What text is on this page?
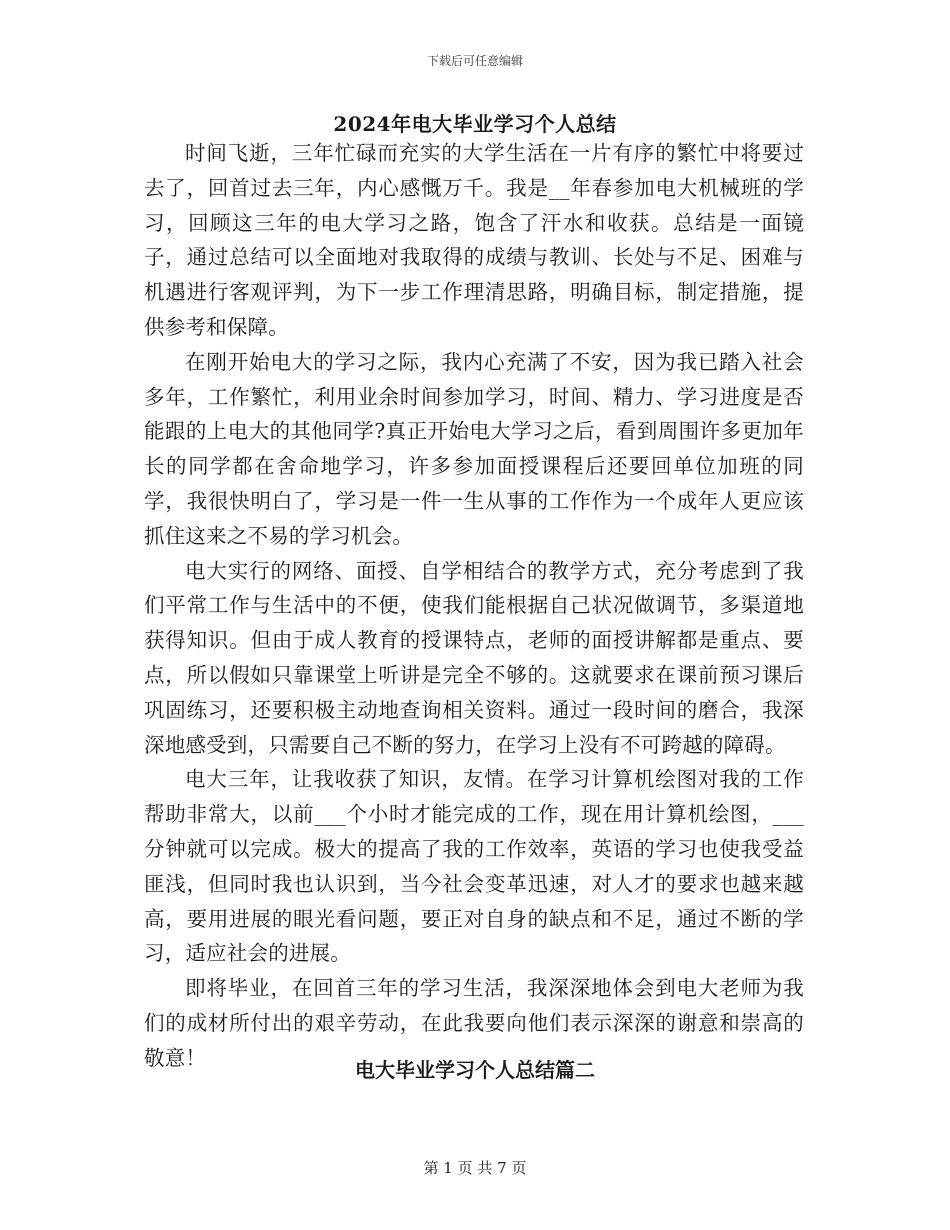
下载后可任意编辑
2024年电大毕业学习个人总结

时间飞逝，三年忙碌而充实的大学生活在一片有序的繁忙中将要过去了，回首过去三年，内心感慨万千。我是__年春参加电大机械班的学习，回顾这三年的电大学习之路，饱含了汗水和收获。总结是一面镜子，通过总结可以全面地对我取得的成绩与教训、长处与不足、困难与机遇进行客观评判，为下一步工作理清思路，明确目标，制定措施，提供参考和保障。

在刚开始电大的学习之际，我内心充满了不安，因为我已踏入社会多年，工作繁忙，利用业余时间参加学习，时间、精力、学习进度是否能跟的上电大的其他同学?真正开始电大学习之后，看到周围许多更加年长的同学都在舍命地学习，许多参加面授课程后还要回单位加班的同学，我很快明白了，学习是一件一生从事的工作作为一个成年人更应该抓住这来之不易的学习机会。

电大实行的网络、面授、自学相结合的教学方式，充分考虑到了我们平常工作与生活中的不便，使我们能根据自己状况做调节，多渠道地获得知识。但由于成人教育的授课特点，老师的面授讲解都是重点、要点，所以假如只靠课堂上听讲是完全不够的。这就要求在课前预习课后巩固练习，还要积极主动地查询相关资料。通过一段时间的磨合，我深深地感受到，只需要自己不断的努力，在学习上没有不可跨越的障碍。

电大三年，让我收获了知识，友情。在学习计算机绘图对我的工作帮助非常大，以前___个小时才能完成的工作，现在用计算机绘图，___分钟就可以完成。极大的提高了我的工作效率，英语的学习也使我受益匪浅，但同时我也认识到，当今社会变革迅速，对人才的要求也越来越高，要用进展的眼光看问题，要正对自身的缺点和不足，通过不断的学习，适应社会的进展。

即将毕业，在回首三年的学习生活，我深深地体会到电大老师为我们的成材所付出的艰辛劳动，在此我要向他们表示深深的谢意和崇高的敬意！

电大毕业学习个人总结篇二
第 1 页 共 7 页
